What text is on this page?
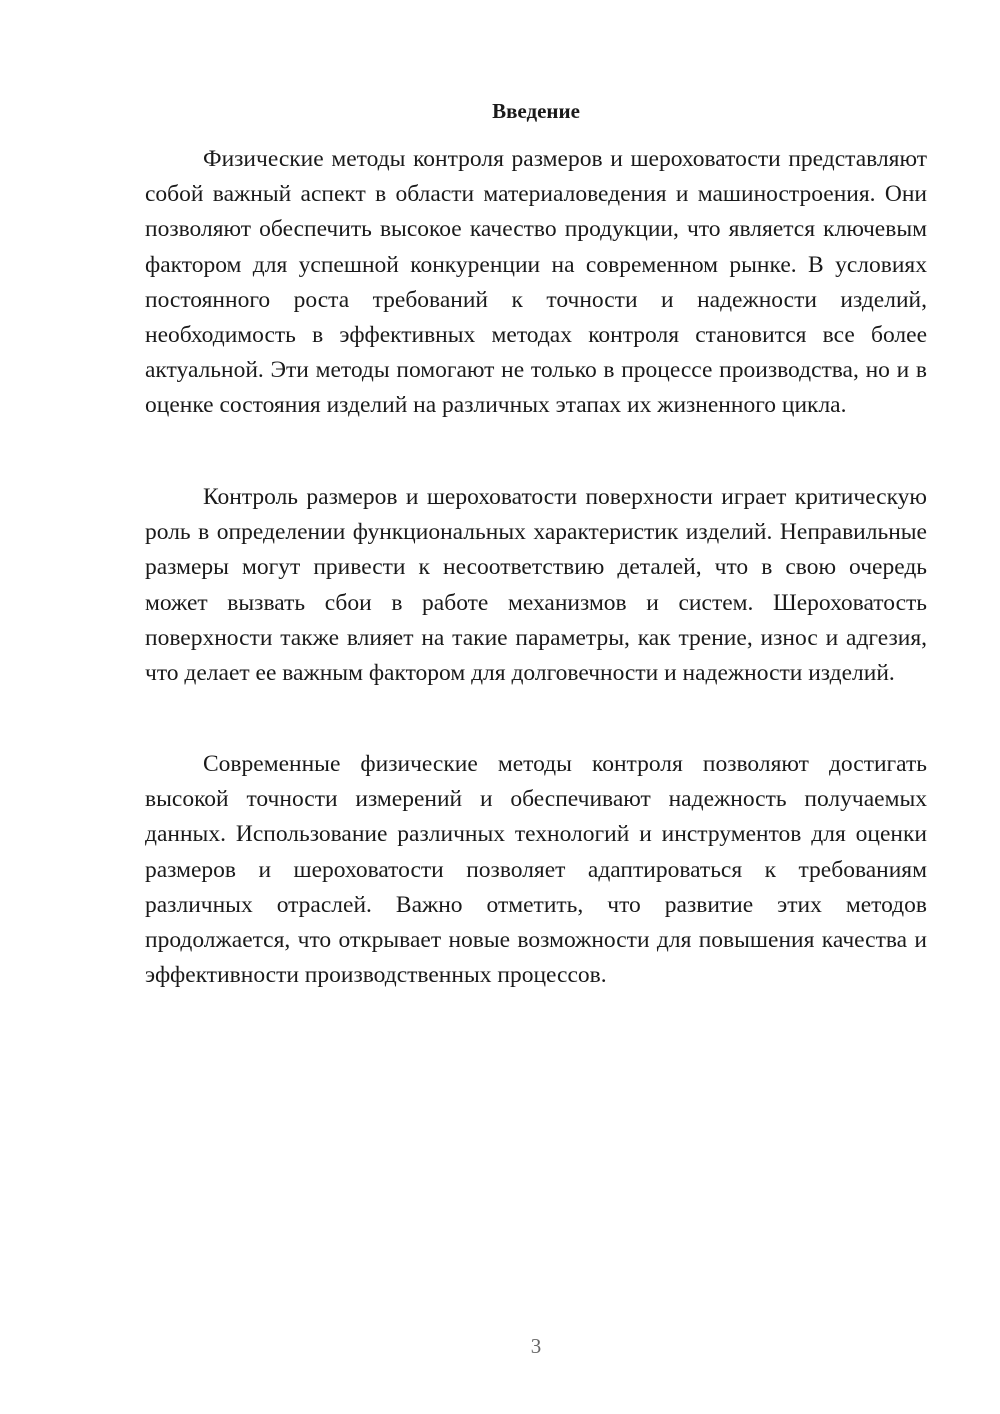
Введение

Физические методы контроля размеров и шероховатости представляют собой важный аспект в области материаловедения и машиностроения. Они позволяют обеспечить высокое качество продукции, что является ключевым фактором для успешной конкуренции на современном рынке. В условиях постоянного роста требований к точности и надежности изделий, необходимость в эффективных методах контроля становится все более актуальной. Эти методы помогают не только в процессе производства, но и в оценке состояния изделий на различных этапах их жизненного цикла.

Контроль размеров и шероховатости поверхности играет критическую роль в определении функциональных характеристик изделий. Неправильные размеры могут привести к несоответствию деталей, что в свою очередь может вызвать сбои в работе механизмов и систем. Шероховатость поверхности также влияет на такие параметры, как трение, износ и адгезия, что делает ее важным фактором для долговечности и надежности изделий.

Современные физические методы контроля позволяют достигать высокой точности измерений и обеспечивают надежность получаемых данных. Использование различных технологий и инструментов для оценки размеров и шероховатости позволяет адаптироваться к требованиям различных отраслей. Важно отметить, что развитие этих методов продолжается, что открывает новые возможности для повышения качества и эффективности производственных процессов.

3
